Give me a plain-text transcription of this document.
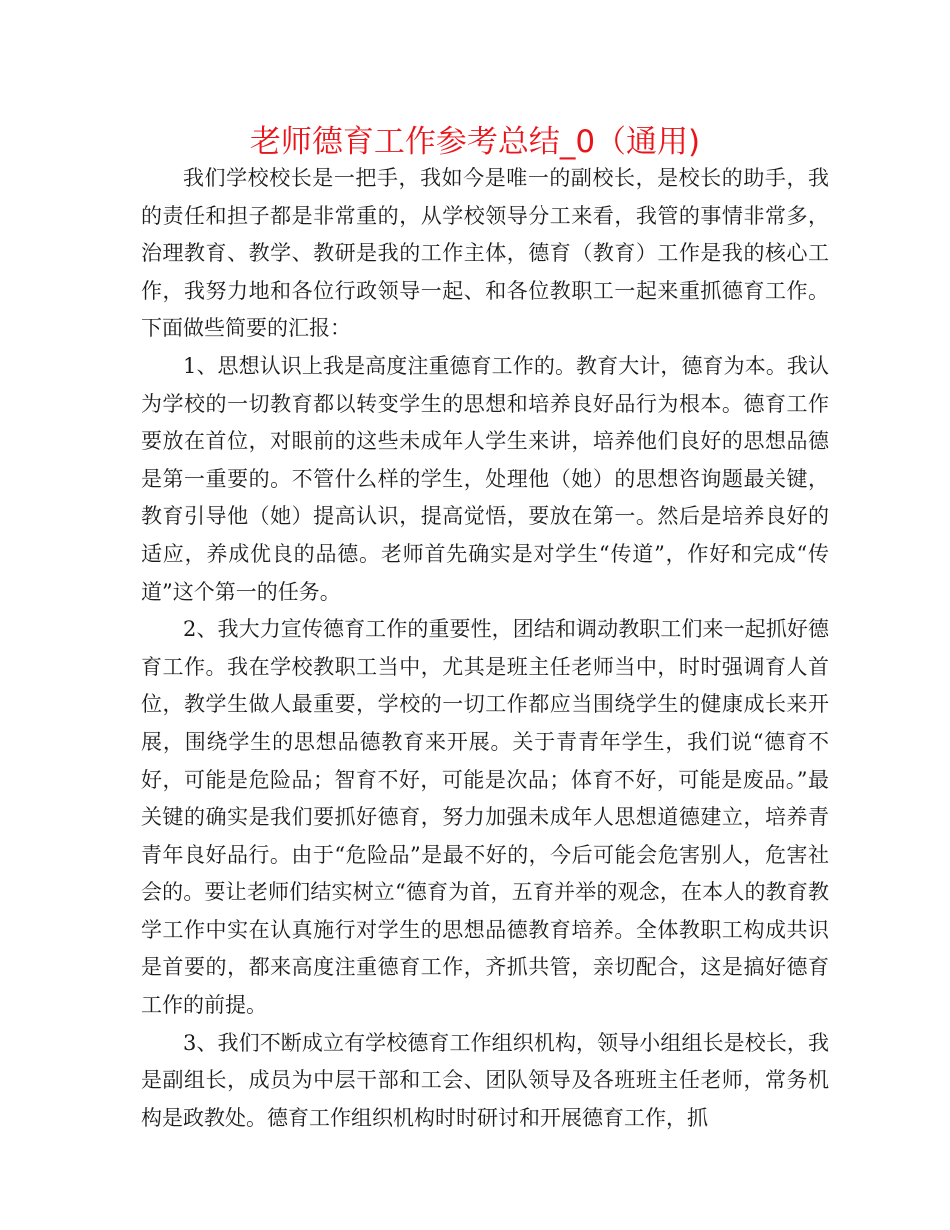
老师德育工作参考总结_0（通用)

我们学校校长是一把手，我如今是唯一的副校长，是校长的助手，我的责任和担子都是非常重的，从学校领导分工来看，我管的事情非常多，治理教育、教学、教研是我的工作主体，德育（教育）工作是我的核心工作，我努力地和各位行政领导一起、和各位教职工一起来重抓德育工作。下面做些简要的汇报：

1、思想认识上我是高度注重德育工作的。教育大计，德育为本。我认为学校的一切教育都以转变学生的思想和培养良好品行为根本。德育工作要放在首位，对眼前的这些未成年人学生来讲，培养他们良好的思想品德是第一重要的。不管什么样的学生，处理他（她）的思想咨询题最关键，教育引导他（她）提高认识，提高觉悟，要放在第一。然后是培养良好的适应，养成优良的品德。老师首先确实是对学生“传道”，作好和完成“传道”这个第一的任务。

2、我大力宣传德育工作的重要性，团结和调动教职工们来一起抓好德育工作。我在学校教职工当中，尤其是班主任老师当中，时时强调育人首位，教学生做人最重要，学校的一切工作都应当围绕学生的健康成长来开展，围绕学生的思想品德教育来开展。关于青青年学生，我们说“德育不好，可能是危险品；智育不好，可能是次品；体育不好，可能是废品。”最关键的确实是我们要抓好德育，努力加强未成年人思想道德建立，培养青青年良好品行。由于“危险品”是最不好的，今后可能会危害别人，危害社会的。要让老师们结实树立“德育为首，五育并举的观念，在本人的教育教学工作中实在认真施行对学生的思想品德教育培养。全体教职工构成共识是首要的，都来高度注重德育工作，齐抓共管，亲切配合，这是搞好德育工作的前提。

3、我们不断成立有学校德育工作组织机构，领导小组组长是校长，我是副组长，成员为中层干部和工会、团队领导及各班班主任老师，常务机构是政教处。德育工作组织机构时时研讨和开展德育工作，抓
